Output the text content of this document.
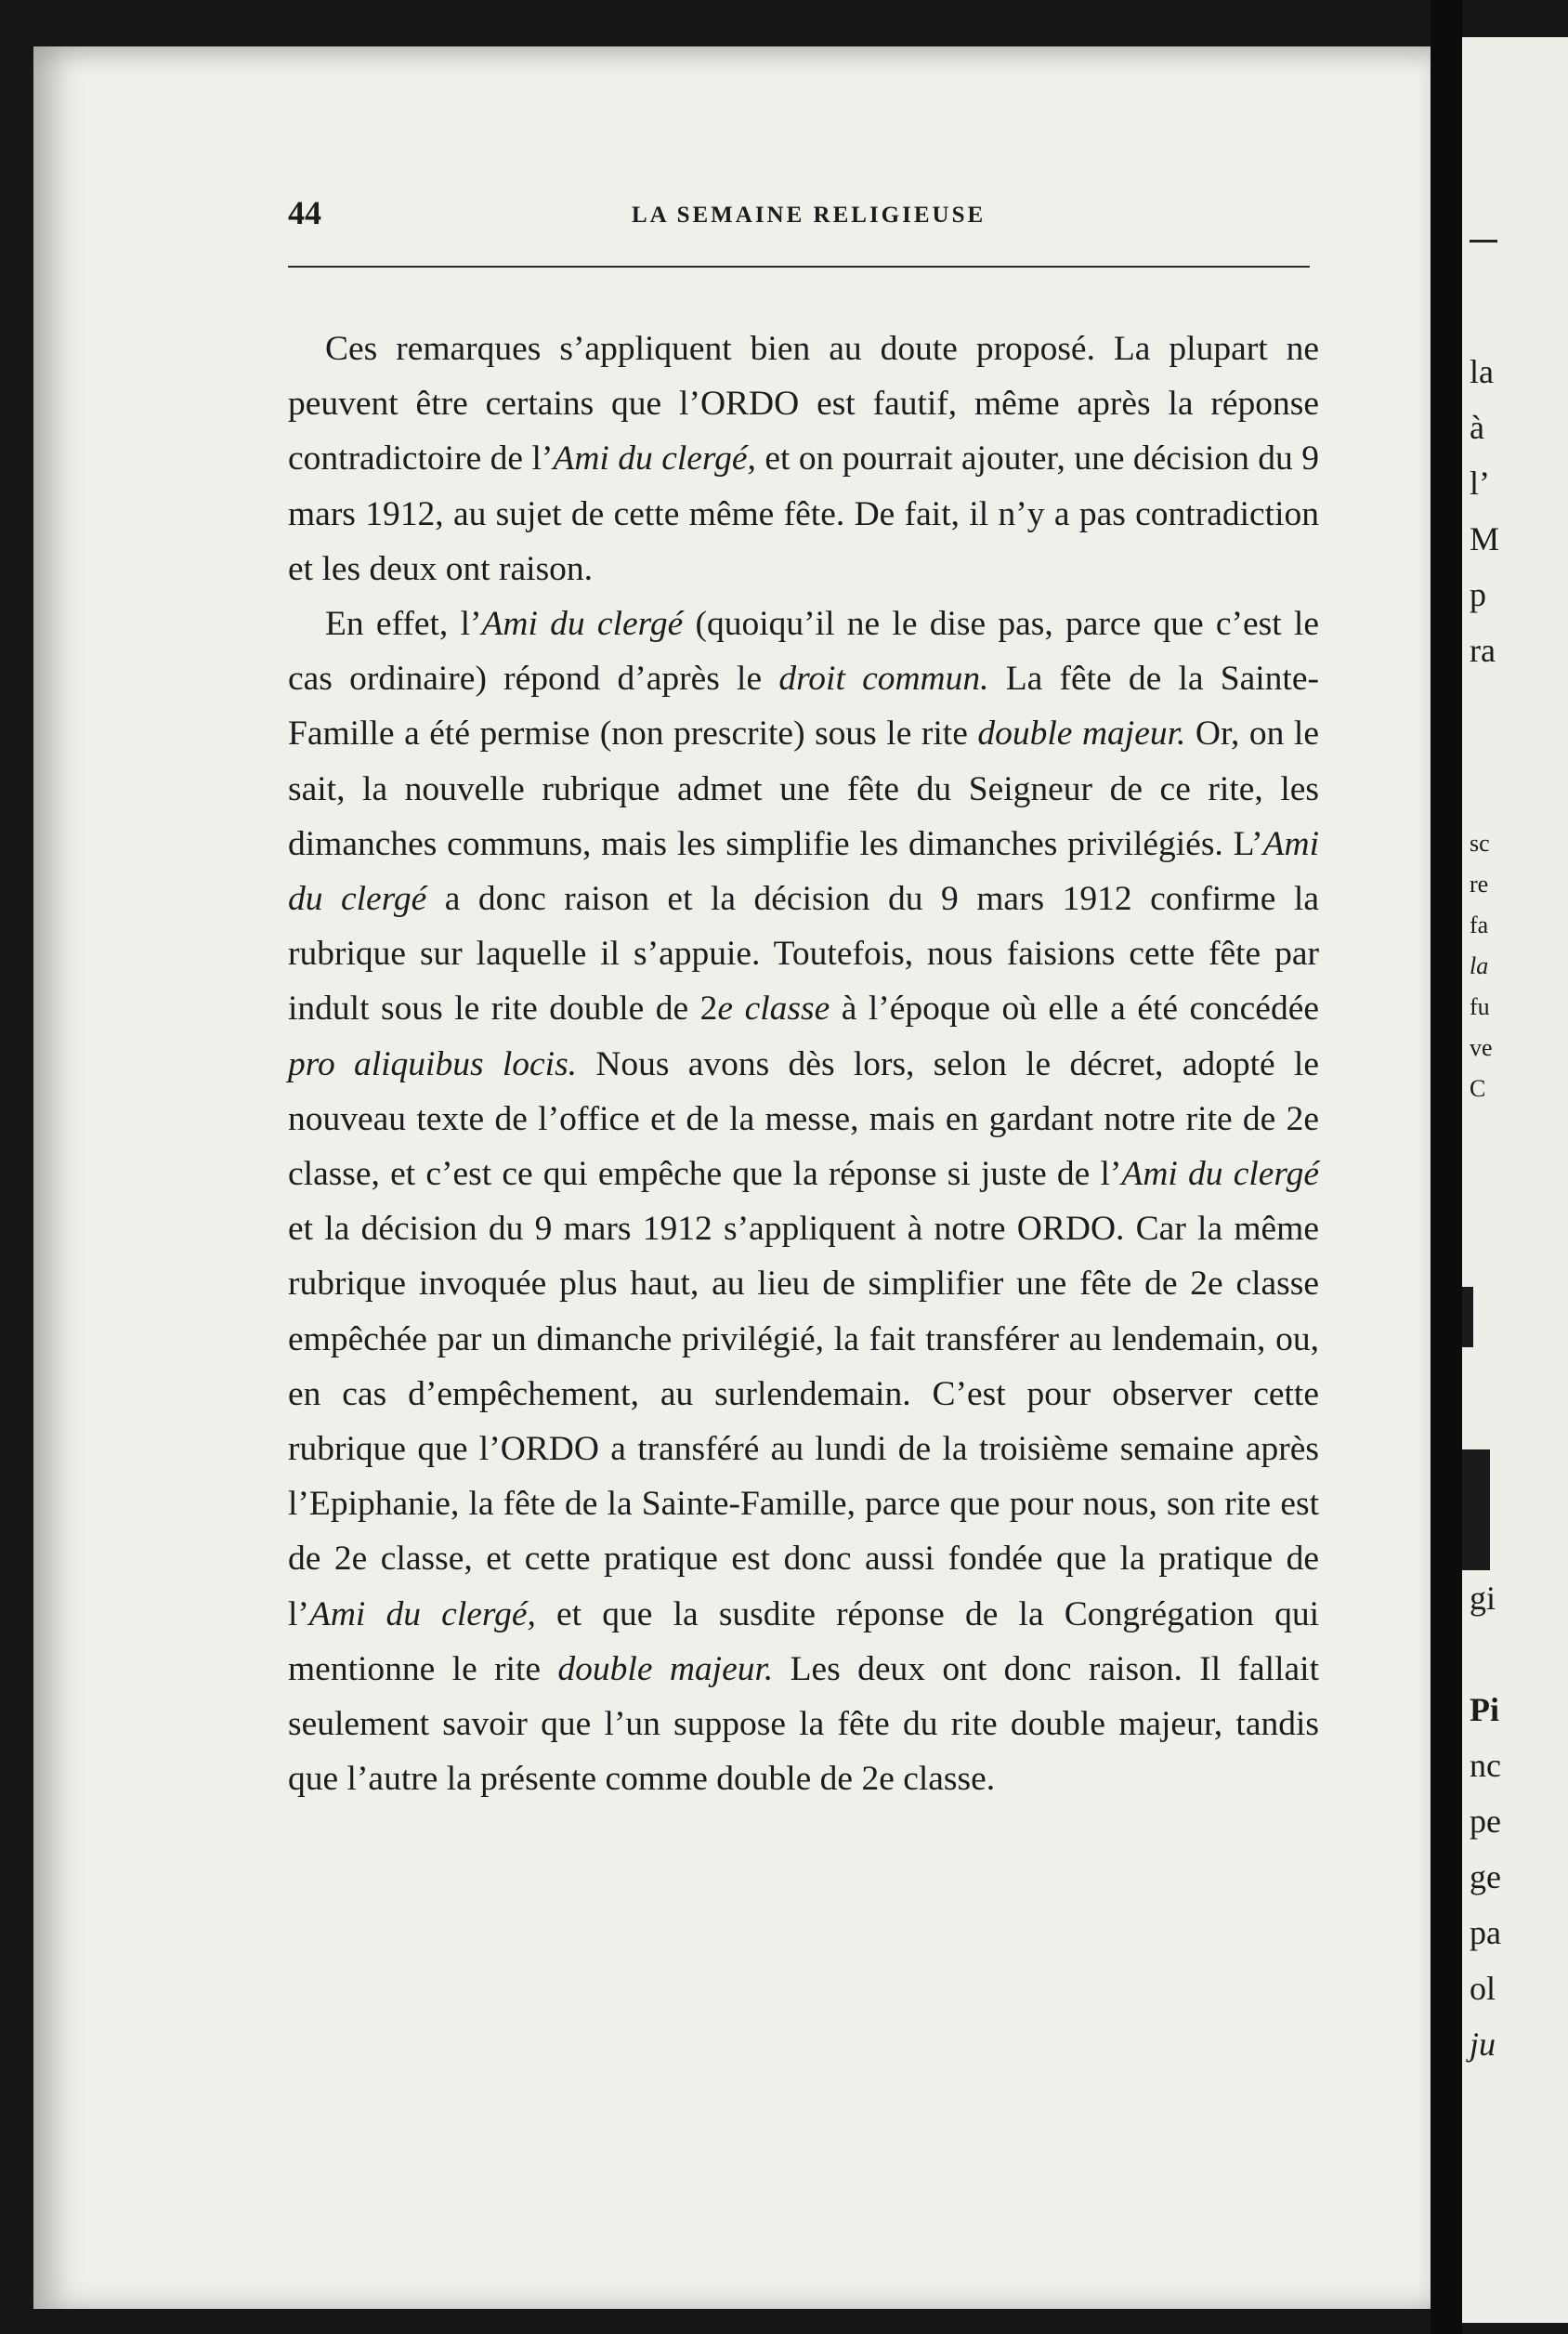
la
à
l’
M
p
ra
sc
re
fa
la
fu
ve
C
gi
Pi
nc
pe
ge
pa
ol
ju
44	LA SEMAINE RELIGIEUSE

Ces remarques s’appliquent bien au doute proposé. La plupart ne peuvent être certains que l’ORDO est fautif, même après la réponse contradictoire de l’Ami du clergé, et on pourrait ajouter, une décision du 9 mars 1912, au sujet de cette même fête. De fait, il n’y a pas contradiction et les deux ont raison.

En effet, l’Ami du clergé (quoiqu’il ne le dise pas, parce que c’est le cas ordinaire) répond d’après le droit commun. La fête de la Sainte-Famille a été permise (non prescrite) sous le rite double majeur. Or, on le sait, la nouvelle rubrique admet une fête du Seigneur de ce rite, les dimanches communs, mais les simplifie les dimanches privilégiés. L’Ami du clergé a donc raison et la décision du 9 mars 1912 confirme la rubrique sur laquelle il s’appuie. Toutefois, nous faisions cette fête par indult sous le rite double de 2e classe à l’époque où elle a été concédée pro aliquibus locis. Nous avons dès lors, selon le décret, adopté le nouveau texte de l’office et de la messe, mais en gardant notre rite de 2e classe, et c’est ce qui empêche que la réponse si juste de l’Ami du clergé et la décision du 9 mars 1912 s’appliquent à notre ORDO. Car la même rubrique invoquée plus haut, au lieu de simplifier une fête de 2e classe empêchée par un dimanche privilégié, la fait transférer au lendemain, ou, en cas d’empêchement, au surlendemain. C’est pour observer cette rubrique que l’ORDO a transféré au lundi de la troisième semaine après l’Epiphanie, la fête de la Sainte-Famille, parce que pour nous, son rite est de 2e classe, et cette pratique est donc aussi fondée que la pratique de l’Ami du clergé, et que la susdite réponse de la Congrégation qui mentionne le rite double majeur. Les deux ont donc raison. Il fallait seulement savoir que l’un suppose la fête du rite double majeur, tandis que l’autre la présente comme double de 2e classe.
